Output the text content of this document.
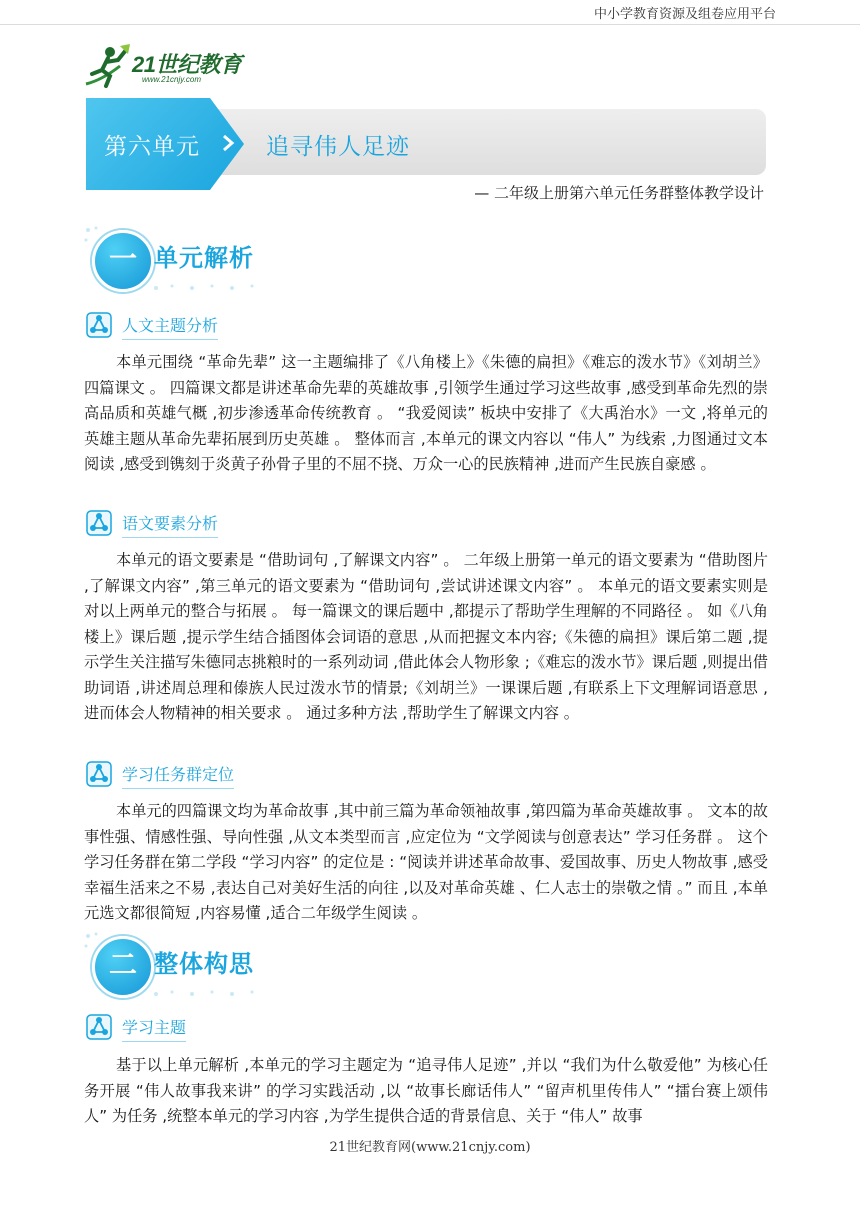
中小学教育资源及组卷应用平台
21世纪教育
www.21cnjy.com
第六单元	追寻伟人足迹
— 二年级上册第六单元任务群整体教学设计
一 单元解析
人文主题分析
本单元围绕 “革命先辈” 这一主题编排了《八角楼上》《朱德的扁担》《难忘的泼水节》《刘胡兰》四篇课文 。 四篇课文都是讲述革命先辈的英雄故事 ,引领学生通过学习这些故事 ,感受到革命先烈的崇高品质和英雄气概 ,初步渗透革命传统教育 。 “我爱阅读” 板块中安排了《大禹治水》一文 ,将单元的英雄主题从革命先辈拓展到历史英雄 。 整体而言 ,本单元的课文内容以 “伟人” 为线索 ,力图通过文本阅读 ,感受到镌刻于炎黄子孙骨子里的不屈不挠、万众一心的民族精神 ,进而产生民族自豪感 。
语文要素分析
本单元的语文要素是 “借助词句 ,了解课文内容” 。 二年级上册第一单元的语文要素为 “借助图片 ,了解课文内容” ,第三单元的语文要素为 “借助词句 ,尝试讲述课文内容” 。 本单元的语文要素实则是对以上两单元的整合与拓展 。 每一篇课文的课后题中 ,都提示了帮助学生理解的不同路径 。 如《八角楼上》课后题 ,提示学生结合插图体会词语的意思 ,从而把握文本内容;《朱德的扁担》课后第二题 ,提示学生关注描写朱德同志挑粮时的一系列动词 ,借此体会人物形象 ;《难忘的泼水节》课后题 ,则提出借助词语 ,讲述周总理和傣族人民过泼水节的情景;《刘胡兰》一课课后题 ,有联系上下文理解词语意思 ,进而体会人物精神的相关要求 。 通过多种方法 ,帮助学生了解课文内容 。
学习任务群定位
本单元的四篇课文均为革命故事 ,其中前三篇为革命领袖故事 ,第四篇为革命英雄故事 。 文本的故事性强、情感性强、导向性强 ,从文本类型而言 ,应定位为 “文学阅读与创意表达” 学习任务群 。 这个学习任务群在第二学段 “学习内容” 的定位是 : “阅读并讲述革命故事、爱国故事、历史人物故事 ,感受幸福生活来之不易 ,表达自己对美好生活的向往 ,以及对革命英雄 、仁人志士的崇敬之情 。” 而且 ,本单元选文都很简短 ,内容易懂 ,适合二年级学生阅读 。
二 整体构思
学习主题
基于以上单元解析 ,本单元的学习主题定为 “追寻伟人足迹” ,并以 “我们为什么敬爱他” 为核心任务开展 “伟人故事我来讲” 的学习实践活动 ,以 “故事长廊话伟人” “留声机里传伟人” “擂台赛上颂伟人” 为任务 ,统整本单元的学习内容 ,为学生提供合适的背景信息、关于 “伟人” 故事
21世纪教育网(www.21cnjy.com)
